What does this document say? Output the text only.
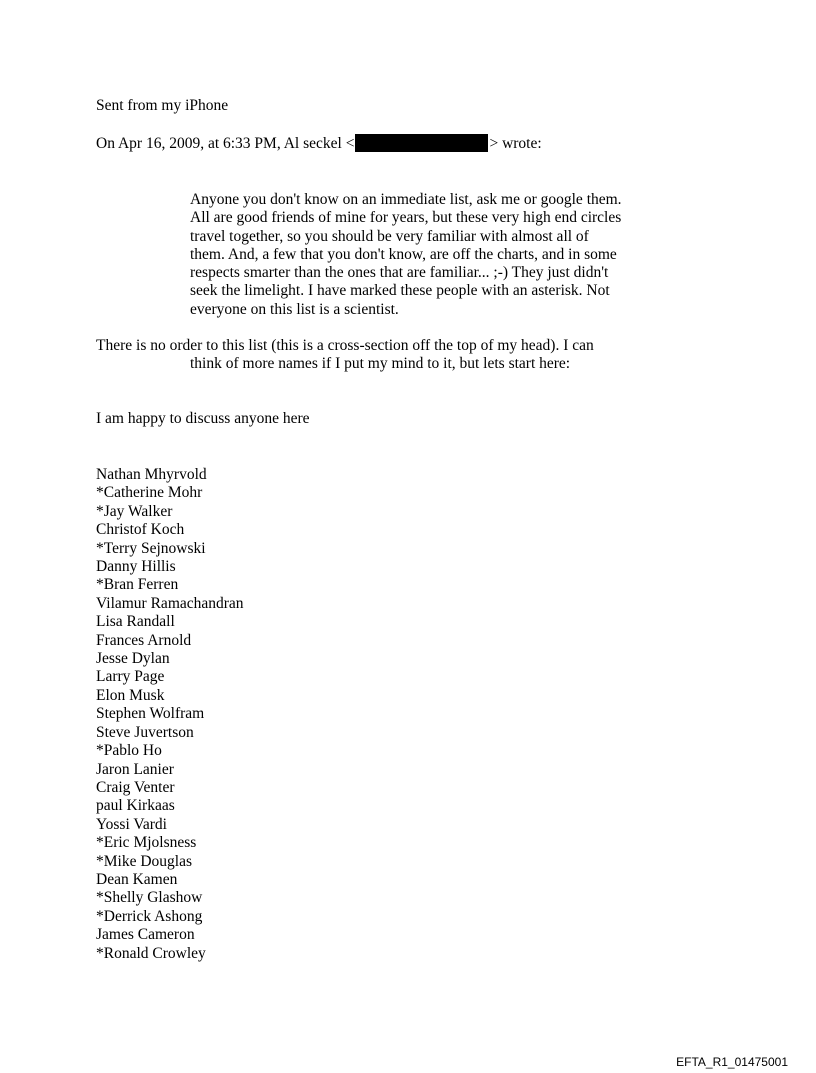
Sent from my iPhone
On Apr 16, 2009, at 6:33 PM, Al seckel <	> wrote:

Anyone you don't know on an immediate list, ask me or google them.

All are good friends of mine for years, but these very high end circles

travel together, so you should be very familiar with almost all of

them. And, a few that you don't know, are off the charts, and in some

respects smarter than the ones that are familiar... ;-) They just didn't

seek the limelight. I have marked these people with an asterisk. Not

everyone on this list is a scientist.

There is no order to this list (this is a cross-section off the top of my head). I can
think of more names if I put my mind to it, but lets start here:
I am happy to discuss anyone here
Nathan Mhyrvold
*Catherine Mohr
*Jay Walker
Christof Koch
*Terry Sejnowski
Danny Hillis
*Bran Ferren
Vilamur Ramachandran
Lisa Randall
Frances Arnold
Jesse Dylan
Larry Page
Elon Musk
Stephen Wolfram
Steve Juvertson
*Pablo Ho
Jaron Lanier
Craig Venter
paul Kirkaas
Yossi Vardi
*Eric Mjolsness
*Mike Douglas
Dean Kamen
*Shelly Glashow
*Derrick Ashong
James Cameron
*Ronald Crowley
EFTA_R1_01475001
